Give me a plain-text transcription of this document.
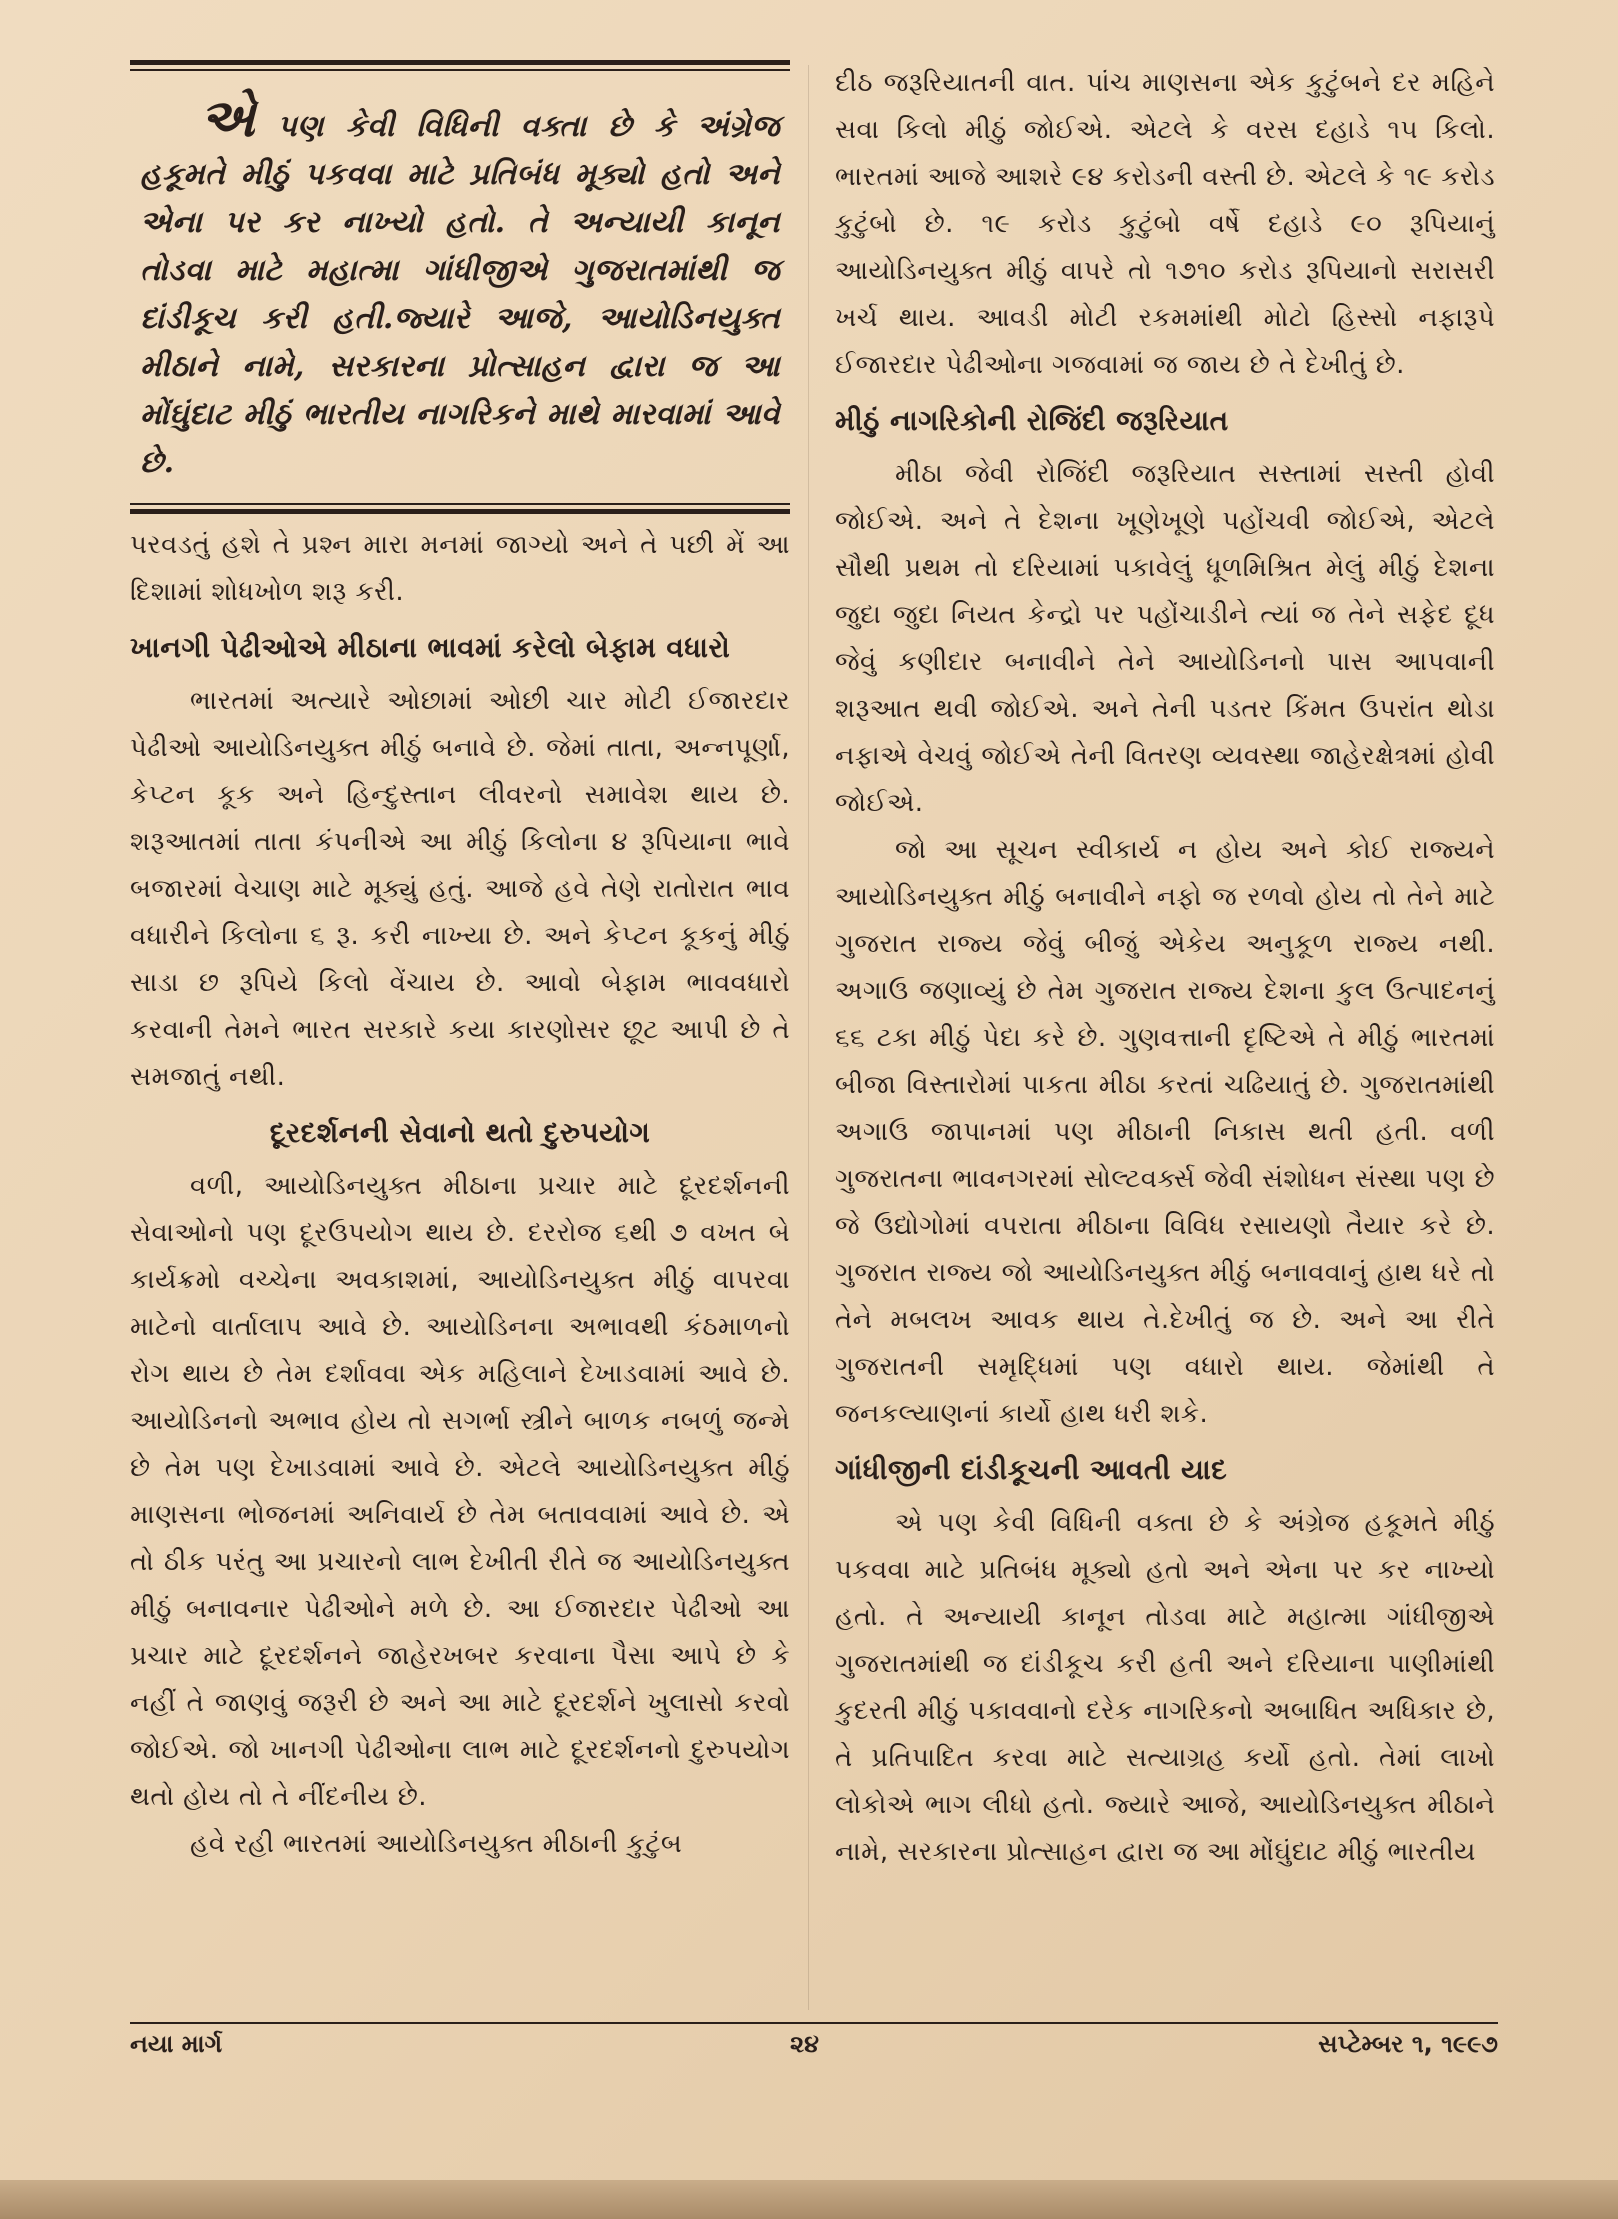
એપણ કેવી વિધિની વક્તા છે કે અંગ્રેજ હકૂમતે મીઠું પકવવા માટે પ્રતિબંધ મૂક્યો હતો અને એના પર કર નાખ્યો હતો. તે અન્યાયી કાનૂન તોડવા માટે મહાત્મા ગાંધીજીએ ગુજરાતમાંથી જ દાંડીકૂચ કરી હતી.જ્યારે આજે, આયોડિનયુક્ત મીઠાને નામે, સરકારના પ્રોત્સાહન દ્વારા જ આ મોંઘુંદાટ મીઠું ભારતીય નાગરિકને માથે મારવામાં આવે છે.

પરવડતું હશે તે પ્રશ્ન મારા મનમાં જાગ્યો અને તે પછી મેં આ દિશામાં શોધખોળ શરૂ કરી.

ખાનગી પેઢીઓએ મીઠાના ભાવમાં કરેલો બેફામ વધારો

ભારતમાં અત્યારે ઓછામાં ઓછી ચાર મોટી ઈજારદાર પેઢીઓ આયોડિનયુક્ત મીઠું બનાવે છે. જેમાં તાતા, અન્નપૂર્ણા, કેપ્ટન કૂક અને હિન્દુસ્તાન લીવરનો સમાવેશ થાય છે. શરૂઆતમાં તાતા કંપનીએ આ મીઠું કિલોના ૪ રૂપિયાના ભાવે બજારમાં વેચાણ માટે મૂક્યું હતું. આજે હવે તેણે રાતોરાત ભાવ વધારીને કિલોના ૬ રૂ. કરી નાખ્યા છે. અને કેપ્ટન કૂકનું મીઠું સાડા છ રૂપિયે કિલો વેંચાય છે. આવો બેફામ ભાવવધારો કરવાની તેમને ભારત સરકારે કયા કારણોસર છૂટ આપી છે તે સમજાતું નથી.

દૂરદર્શનની સેવાનો થતો દુરુપયોગ

વળી, આયોડિનયુક્ત મીઠાના પ્રચાર માટે દૂરદર્શનની સેવાઓનો પણ દૂરઉપયોગ થાય છે. દરરોજ ૬થી ૭ વખત બે કાર્યક્રમો વચ્ચેના અવકાશમાં, આયોડિનયુક્ત મીઠું વાપરવા માટેનો વાર્તાલાપ આવે છે. આયોડિનના અભાવથી કંઠમાળનો રોગ થાય છે તેમ દર્શાવવા એક મહિલાને દેખાડવામાં આવે છે. આયોડિનનો અભાવ હોય તો સગર્ભા સ્ત્રીને બાળક નબળું જન્મે છે તેમ પણ દેખાડવામાં આવે છે. એટલે આયોડિનયુક્ત મીઠું માણસના ભોજનમાં અનિવાર્ય છે તેમ બતાવવામાં આવે છે. એ તો ઠીક પરંતુ આ પ્રચારનો લાભ દેખીતી રીતે જ આયોડિનયુક્ત મીઠું બનાવનાર પેઢીઓને મળે છે. આ ઈજારદાર પેઢીઓ આ પ્રચાર માટે દૂરદર્શનને જાહેરખબર કરવાના પૈસા આપે છે કે નહીં તે જાણવું જરૂરી છે અને આ માટે દૂરદર્શને ખુલાસો કરવો જોઈએ. જો ખાનગી પેઢીઓના લાભ માટે દૂરદર્શનનો દુરુપયોગ થતો હોય તો તે નીંદનીય છે.

હવે રહી ભારતમાં આયોડિનયુક્ત મીઠાની કુટુંબ

દીઠ જરૂરિયાતની વાત. પાંચ માણસના એક કુટુંબને દર મહિને સવા કિલો મીઠું જોઈએ. એટલે કે વરસ દહાડે ૧૫ કિલો. ભારતમાં આજે આશરે ૯૪ કરોડની વસ્તી છે. એટલે કે ૧૯ કરોડ કુટુંબો છે. ૧૯ કરોડ કુટુંબો વર્ષે દહાડે ૯૦ રૂપિયાનું આયોડિનયુક્ત મીઠું વાપરે તો ૧૭૧૦ કરોડ રૂપિયાનો સરાસરી ખર્ચ થાય. આવડી મોટી રકમમાંથી મોટો હિસ્સો નફારૂપે ઈજારદાર પેઢીઓના ગજવામાં જ જાય છે તે દેખીતું છે.

મીઠું નાગરિકોની રોજિંદી જરૂરિયાત

મીઠા જેવી રોજિંદી જરૂરિયાત સસ્તામાં સસ્તી હોવી જોઈએ. અને તે દેશના ખૂણેખૂણે પહોંચવી જોઈએ, એટલે સૌથી પ્રથમ તો દરિયામાં પકાવેલું ધૂળમિશ્રિત મેલું મીઠું દેશના જુદા જુદા નિયત કેન્દ્રો પર પહોંચાડીને ત્યાં જ તેને સફેદ દૂધ જેવું કણીદાર બનાવીને તેને આયોડિનનો પાસ આપવાની શરૂઆત થવી જોઈએ. અને તેની પડતર કિંમત ઉપરાંત થોડા નફાએ વેચવું જોઈએ તેની વિતરણ વ્યવસ્થા જાહેરક્ષેત્રમાં હોવી જોઈએ.

જો આ સૂચન સ્વીકાર્ય ન હોય અને કોઈ રાજ્યને આયોડિનયુક્ત મીઠું બનાવીને નફો જ રળવો હોય તો તેને માટે ગુજરાત રાજ્ય જેવું બીજું એકેય અનુકૂળ રાજ્ય નથી. અગાઉ જણાવ્યું છે તેમ ગુજરાત રાજ્ય દેશના કુલ ઉત્પાદનનું ૬૬ ટકા મીઠું પેદા કરે છે. ગુણવત્તાની દૃષ્ટિએ તે મીઠું ભારતમાં બીજા વિસ્તારોમાં પાકતા મીઠા કરતાં ચઢિયાતું છે. ગુજરાતમાંથી અગાઉ જાપાનમાં પણ મીઠાની નિકાસ થતી હતી. વળી ગુજરાતના ભાવનગરમાં સોલ્ટવર્ક્સ જેવી સંશોધન સંસ્થા પણ છે જે ઉદ્યોગોમાં વપરાતા મીઠાના વિવિધ રસાયણો તૈયાર કરે છે. ગુજરાત રાજ્ય જો આયોડિનયુક્ત મીઠું બનાવવાનું હાથ ધરે તો તેને મબલખ આવક થાય તે.દેખીતું જ છે. અને આ રીતે ગુજરાતની સમૃદ્ધિમાં પણ વધારો થાય. જેમાંથી તે જનકલ્યાણનાં કાર્યો હાથ ધરી શકે.

ગાંધીજીની દાંડીકૂચની આવતી યાદ

એ પણ કેવી વિધિની વક્તા છે કે અંગ્રેજ હકૂમતે મીઠું પકવવા માટે પ્રતિબંધ મૂક્યો હતો અને એના પર કર નાખ્યો હતો. તે અન્યાયી કાનૂન તોડવા માટે મહાત્મા ગાંધીજીએ ગુજરાતમાંથી જ દાંડીકૂચ કરી હતી અને દરિયાના પાણીમાંથી કુદરતી મીઠું પકાવવાનો દરેક નાગરિકનો અબાધિત અધિકાર છે, તે પ્રતિપાદિત કરવા માટે સત્યાગ્રહ કર્યો હતો. તેમાં લાખો લોકોએ ભાગ લીધો હતો. જ્યારે આજે, આયોડિનયુક્ત મીઠાને નામે, સરકારના પ્રોત્સાહન દ્વારા જ આ મોંઘુંદાટ મીઠું ભારતીય

નયા માર્ગ	૨૪	સપ્ટેમ્બર ૧, ૧૯૯૭
